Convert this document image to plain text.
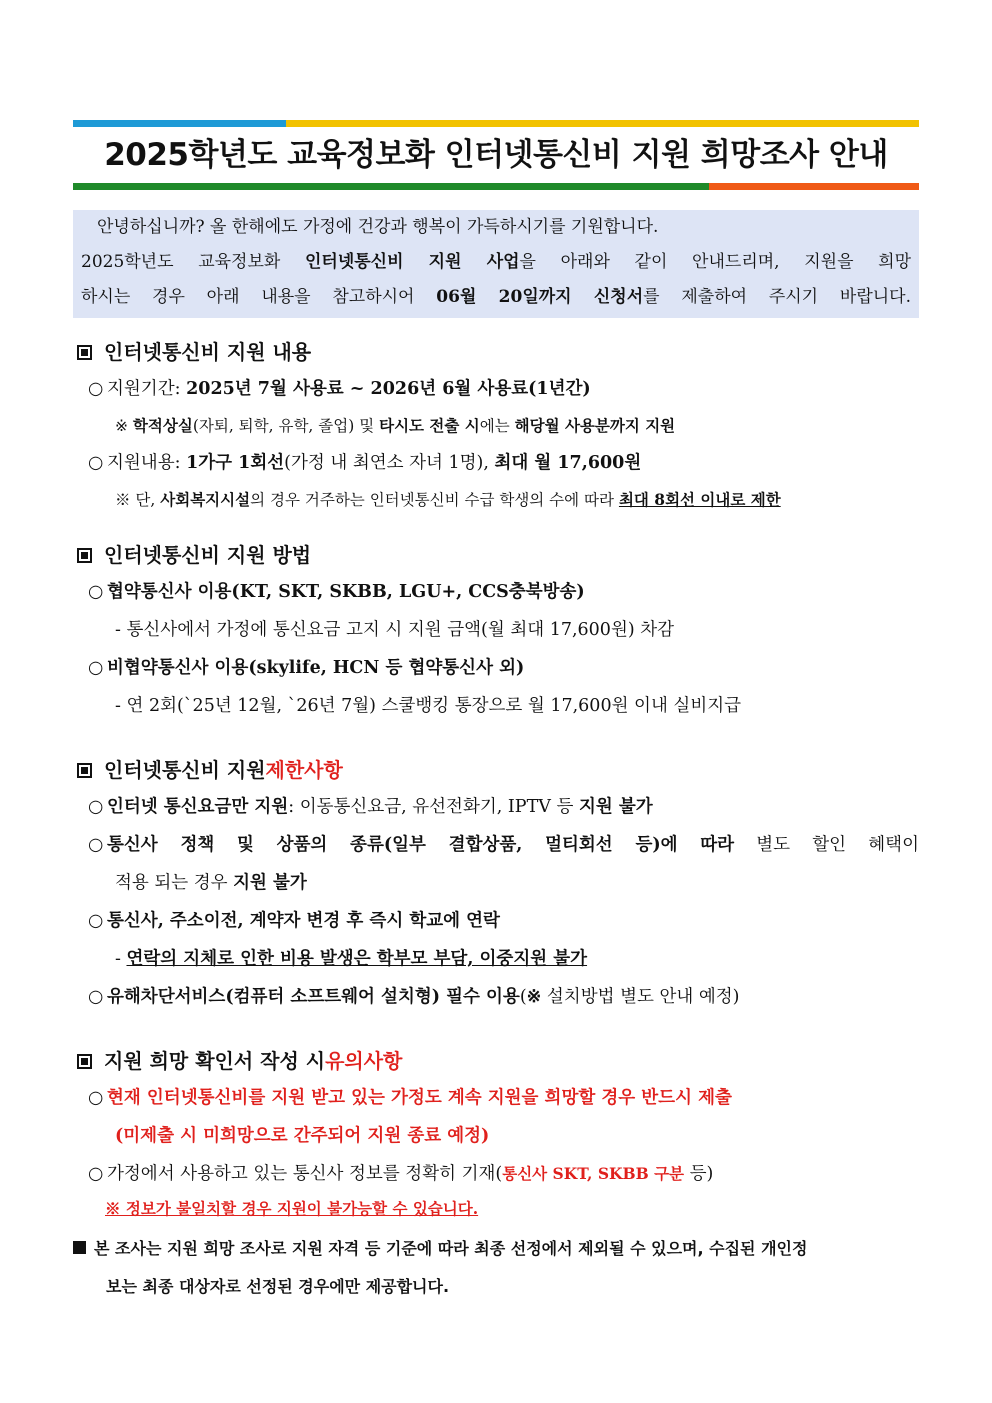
2025학년도 교육정보화 인터넷통신비 지원 희망조사 안내

안녕하십니까? 올 한해에도 가정에 건강과 행복이 가득하시기를 기원합니다.

2025학년도 교육정보화 인터넷통신비 지원 사업을 아래와 같이 안내드리며, 지원을 희망

하시는 경우 아래 내용을 참고하시어 06월 20일까지 신청서를 제출하여 주시기 바랍니다.

인터넷통신비 지원 내용
○ 지원기간: 2025년 7월 사용료 ~ 2026년 6월 사용료(1년간)
※ 학적상실(자퇴, 퇴학, 유학, 졸업) 및 타시도 전출 시에는 해당월 사용분까지 지원
○ 지원내용: 1가구 1회선(가정 내 최연소 자녀 1명), 최대 월 17,600원
※ 단, 사회복지시설의 경우 거주하는 인터넷통신비 수급 학생의 수에 따라 최대 8회선 이내로 제한
인터넷통신비 지원 방법
○ 협약통신사 이용(KT, SKT, SKBB, LGU+, CCS충북방송)
- 통신사에서 가정에 통신요금 고지 시 지원 금액(월 최대 17,600원) 차감
○ 비협약통신사 이용(skylife, HCN 등 협약통신사 외)
- 연 2회(`25년 12월, `26년 7월) 스쿨뱅킹 통장으로 월 17,600원 이내 실비지급
인터넷통신비 지원 제한사항
○ 인터넷 통신요금만 지원: 이동통신요금, 유선전화기, IPTV 등 지원 불가
○ 통신사 정책 및 상품의 종류(일부 결합상품, 멀티회선 등)에 따라 별도 할인 혜택이
적용 되는 경우 지원 불가
○ 통신사, 주소이전, 계약자 변경 후 즉시 학교에 연락
- 연락의 지체로 인한 비용 발생은 학부모 부담, 이중지원 불가
○ 유해차단서비스(컴퓨터 소프트웨어 설치형) 필수 이용(※ 설치방법 별도 안내 예정)
지원 희망 확인서 작성 시 유의사항
○ 현재 인터넷통신비를 지원 받고 있는 가정도 계속 지원을 희망할 경우 반드시 제출
(미제출 시 미희망으로 간주되어 지원 종료 예정)
○ 가정에서 사용하고 있는 통신사 정보를 정확히 기재(통신사 SKT, SKBB 구분 등)
※ 정보가 불일치할 경우 지원이 불가능할 수 있습니다.

본 조사는 지원 희망 조사로 지원 자격 등 기준에 따라 최종 선정에서 제외될 수 있으며, 수집된 개인정

보는 최종 대상자로 선정된 경우에만 제공합니다.
